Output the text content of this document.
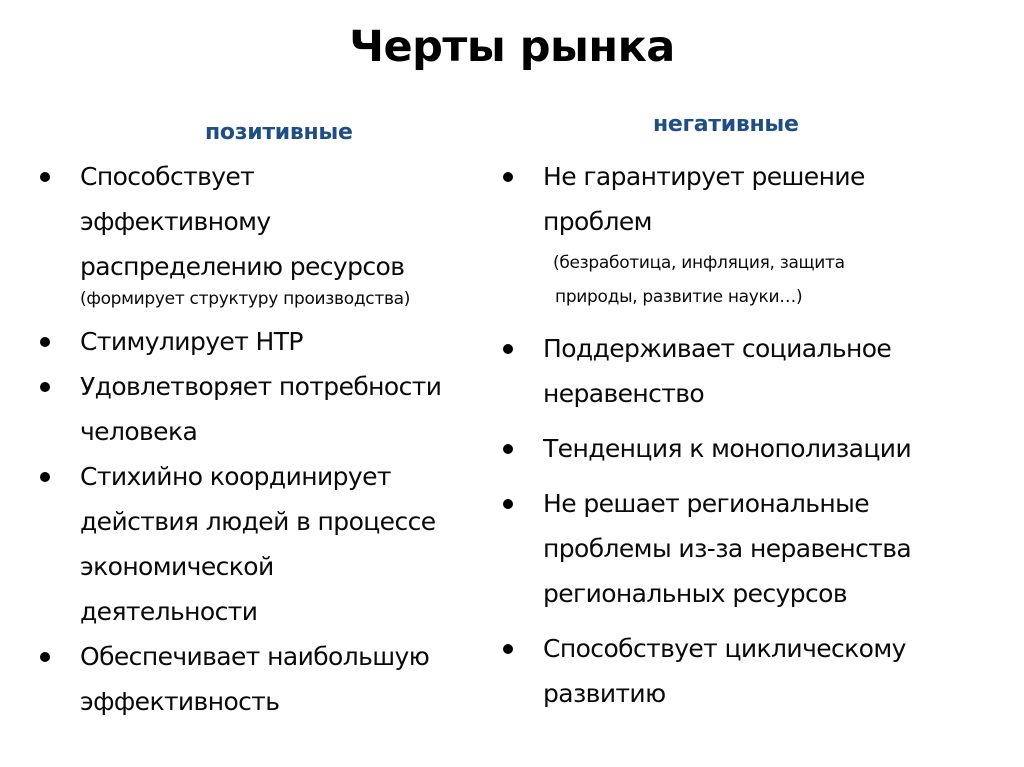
Черты рынка
позитивные	негативные
Способствует
эффективному
распределению ресурсов
(формирует структуру производства)
Стимулирует НТР
Удовлетворяет потребности
человека
Стихийно координирует
действия людей в процессе
экономической
деятельности
Обеспечивает наибольшую
эффективность
Не гарантирует решение
проблем
(безработица, инфляция, защита
природы, развитие науки…)
Поддерживает социальное
неравенство
Тенденция к монополизации
Не решает региональные
проблемы из-за неравенства
региональных ресурсов
Способствует циклическому
развитию
